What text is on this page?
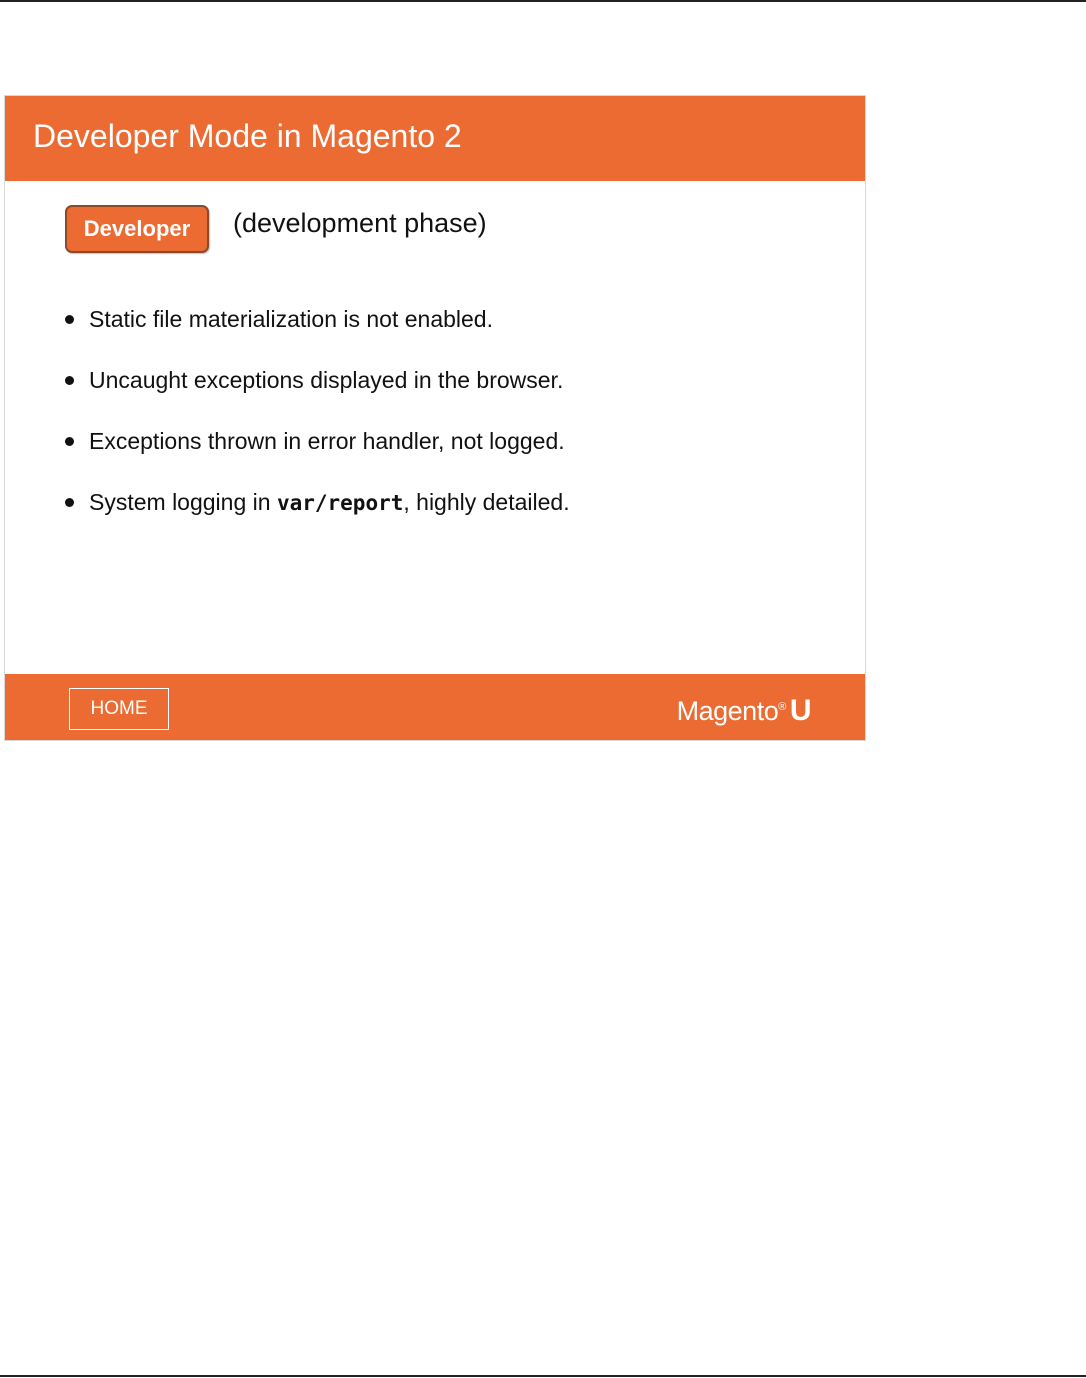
Developer Mode in Magento 2
Developer	(development phase)
Static file materialization is not enabled.
Uncaught exceptions displayed in the browser.
Exceptions thrown in error handler, not logged.
System logging in var/report, highly detailed.
HOME	Magento® U
